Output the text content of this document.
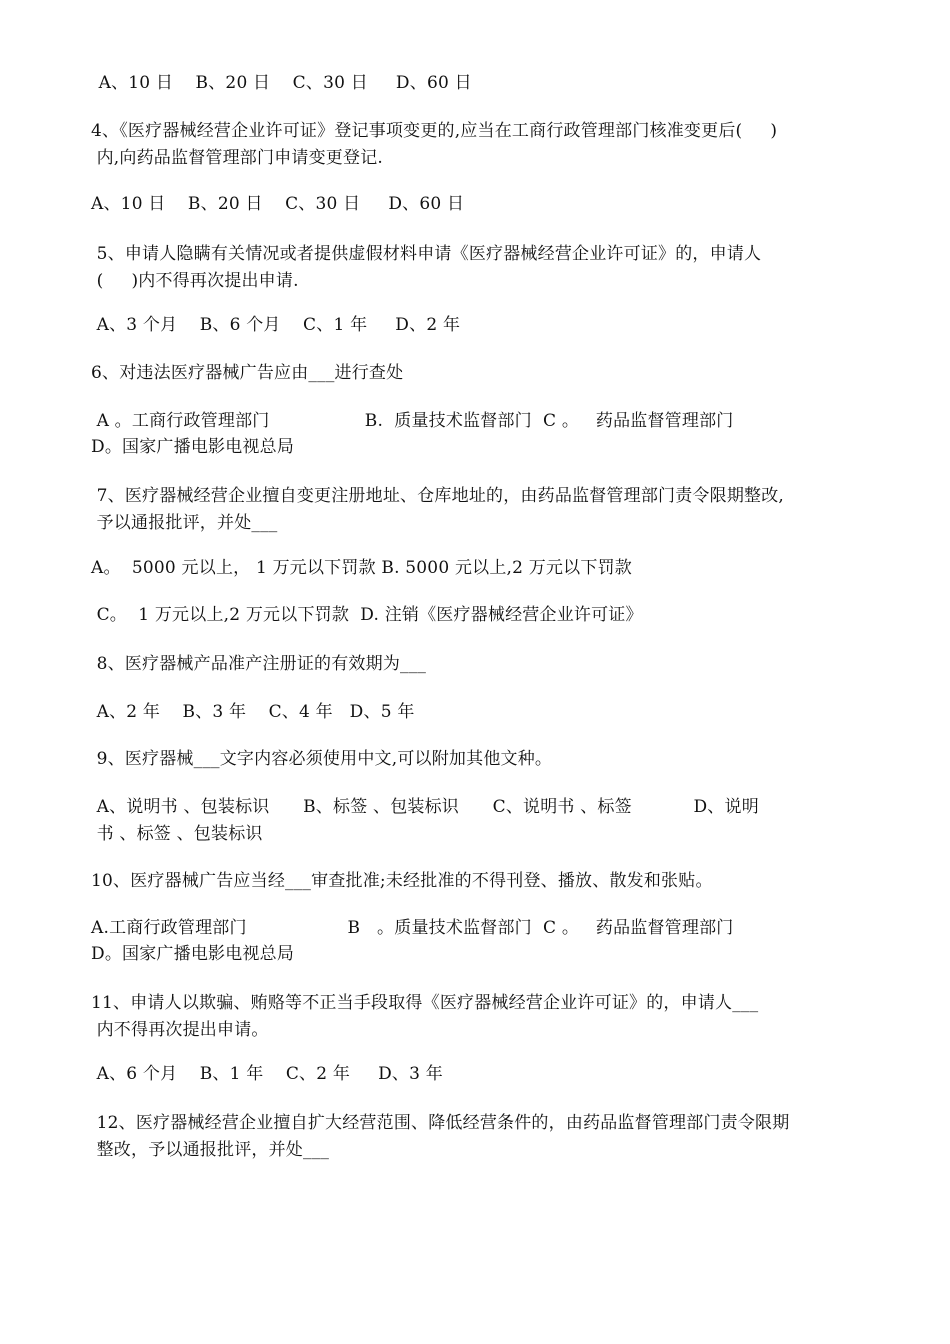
A、10 日    B、20 日    C、30 日     D、60 日
4、《医疗器械经营企业许可证》登记事项变更的,应当在工商行政管理部门核准变更后(     )
内,向药品监督管理部门申请变更登记.
A、10 日    B、20 日    C、30 日     D、60 日
5、申请人隐瞒有关情况或者提供虚假材料申请《医疗器械经营企业许可证》的，申请人
(     )内不得再次提出申请.
A、3 个月    B、6 个月    C、1 年     D、2 年
6、对违法医疗器械广告应由___进行查处
A 。工商行政管理部门                 B.  质量技术监督部门  C 。   药品监督管理部门
D。国家广播电影电视总局
7、医疗器械经营企业擅自变更注册地址、仓库地址的，由药品监督管理部门责令限期整改,
予以通报批评，并处___
A。  5000 元以上， 1 万元以下罚款 B. 5000 元以上,2 万元以下罚款
C。  1 万元以上,2 万元以下罚款  D. 注销《医疗器械经营企业许可证》
8、医疗器械产品准产注册证的有效期为___
A、2 年    B、3 年    C、4 年   D、5 年
9、医疗器械___文字内容必须使用中文,可以附加其他文种。
A、说明书 、包装标识      B、标签 、包装标识      C、说明书 、标签           D、说明
书 、标签 、包装标识
10、医疗器械广告应当经___审查批准;未经批准的不得刊登、播放、散发和张贴。
A.工商行政管理部门                  B   。质量技术监督部门  C 。   药品监督管理部门
D。国家广播电影电视总局
11、申请人以欺骗、贿赂等不正当手段取得《医疗器械经营企业许可证》的，申请人___
内不得再次提出申请。
A、6 个月    B、1 年    C、2 年     D、3 年
12、医疗器械经营企业擅自扩大经营范围、降低经营条件的，由药品监督管理部门责令限期
整改，予以通报批评，并处___
